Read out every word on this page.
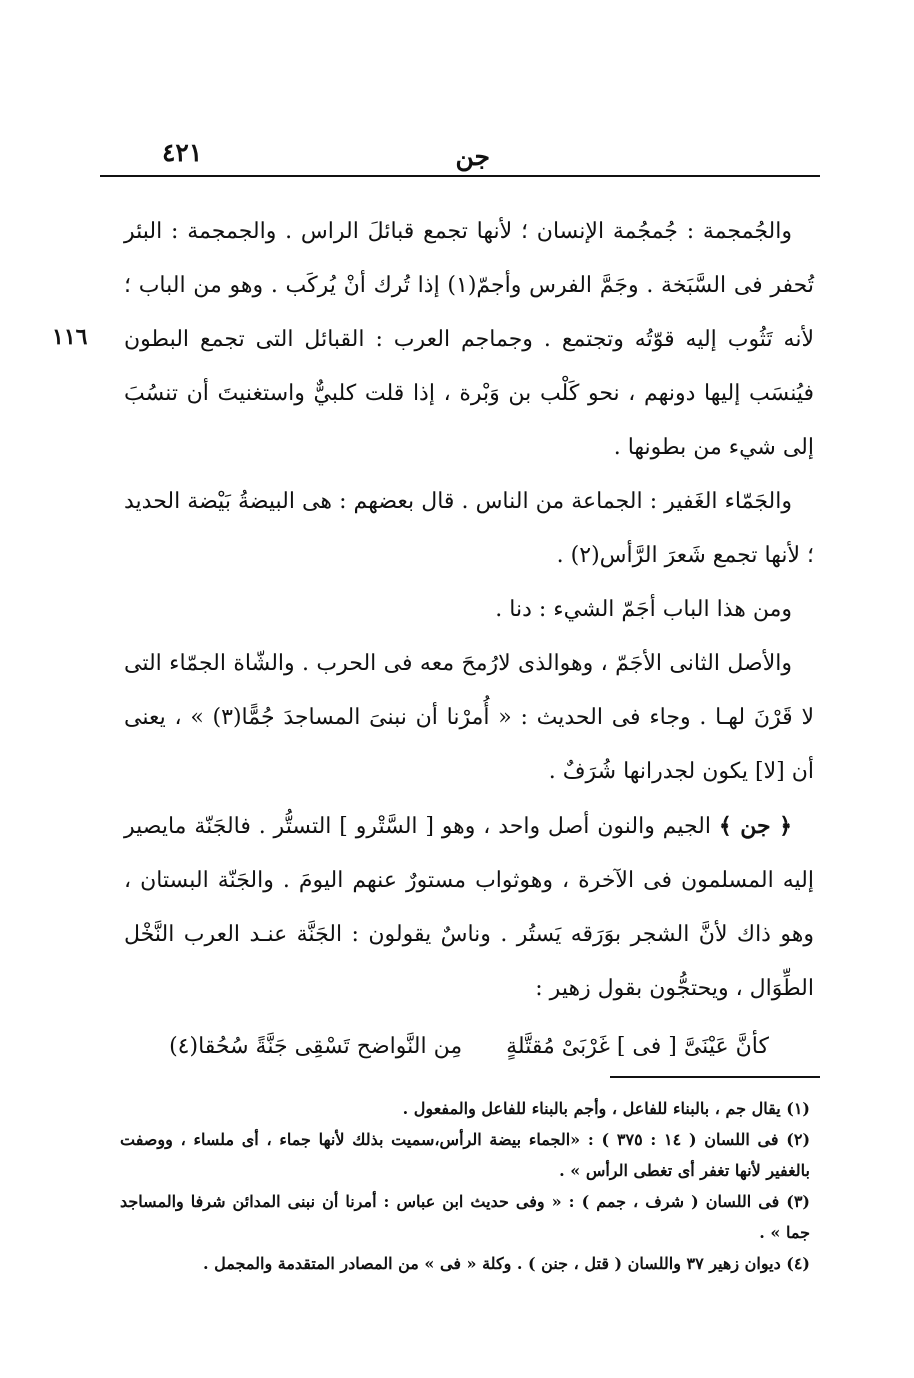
جن
٤٢١
١١٦

والجُمجمة : جُمجُمة الإنسان ؛ لأنها تجمع قبائلَ الراس . والجمجمة : البئر تُحفر فى السَّبَخة . وجَمَّ الفرس وأجمّ(١) إذا تُرك أنْ يُركَب . وهو من الباب ؛ لأنه تَثُوب إليه قوّتُه وتجتمع . وجماجم العرب : القبائل التى تجمع البطون فيُنسَب إليها دونهم ، نحو كَلْب بن وَبْرة ، إذا قلت كلبيٌّ واستغنيتَ أن تنسُبَ إلى شيء من بطونها .

والجَمّاء الغَفير : الجماعة من الناس . قال بعضهم : هى البيضةُ بَيْضة الحديد ؛ لأنها تجمع شَعرَ الرَّأس(٢) .

ومن هذا الباب أجَمّ الشيء : دنا .

والأصل الثانى الأجَمّ ، وهوالذى لارُمحَ معه فى الحرب . والشّاة الجمّاء التى لا قَرْنَ لهـا . وجاء فى الحديث : « أُمرْنا أن نبنىَ المساجدَ جُمًّا(٣) » ، يعنى أن [لا] يكون لجدرانها شُرَفٌ .

﴿ جن ﴾ الجيم والنون أصل واحد ، وهو [ السَّتْرو ] التستُّر . فالجَنّة مايصير إليه المسلمون فى الآخرة ، وهوثواب مستورٌ عنهم اليومَ . والجَنّة البستان ، وهو ذاك لأنَّ الشجر بوَرَقه يَستُر . وناسٌ يقولون : الجَنَّة عنـد العرب النَّخْل الطِّوَال ، ويحتجُّون بقول زهير :

كأنَّ عَيْنَىَّ [ فى ] غَرْبَىْ مُقتَّلةٍ
مِن النَّواضح تَسْقِى جَنَّةً سُحُقا(٤)

(١) يقال جم ، بالبناء للفاعل ، وأجم بالبناء للفاعل والمفعول .

(٢) فى اللسان ( ١٤ : ٣٧٥ ) : «الجماء بيضة الرأس،سميت بذلك لأنها جماء ، أى ملساء ، ووصفت بالغفير لأنها تغفر أى تغطى الرأس » .

(٣) فى اللسان ( شرف ، جمم ) : « وفى حديث ابن عباس : أمرنا أن نبنى المدائن شرفا والمساجد جما » .

(٤) ديوان زهير ٣٧ واللسان ( قتل ، جنن ) . وكلة « فى » من المصادر المتقدمة والمجمل .
